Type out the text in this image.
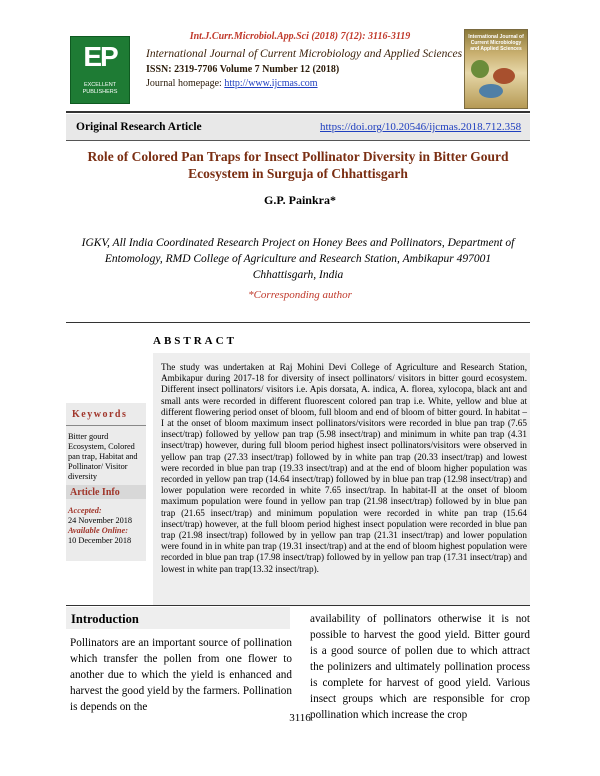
Int.J.Curr.Microbiol.App.Sci (2018) 7(12): 3116-3119
EP
EXCELLENT PUBLISHERS
International Journal of Current Microbiology and Applied Sciences
ISSN: 2319-7706 Volume 7 Number 12 (2018)
Journal homepage: http://www.ijcmas.com
International Journal of Current Microbiology and Applied Sciences
Original Research Article	https://doi.org/10.20546/ijcmas.2018.712.358
Role of Colored Pan Traps for Insect Pollinator Diversity in Bitter Gourd
Ecosystem in Surguja of Chhattisgarh
G.P. Painkra*
IGKV, All India Coordinated Research Project on Honey Bees and Pollinators, Department of
Entomology, RMD College of Agriculture and Research Station, Ambikapur 497001
Chhattisgarh, India
*Corresponding author
ABSTRACT
The study was undertaken at Raj Mohini Devi College of Agriculture and Research Station, Ambikapur during 2017-18 for diversity of insect pollinators/ visitors in bitter gourd ecosystem. Different insect pollinators/ visitors i.e. Apis dorsata, A. indica, A. florea, xylocopa, black ant and small ants were recorded in different fluorescent colored pan trap i.e. White, yellow and blue at different flowering period onset of bloom, full bloom and end of bloom of bitter gourd. In habitat –I at the onset of bloom maximum insect pollinators/visitors were recorded in blue pan trap (7.65 insect/trap) followed by yellow pan trap (5.98 insect/trap) and minimum in white pan trap (4.31 insect/trap) however, during full bloom period highest insect pollinators/visitors were observed in yellow pan trap (27.33 insect/trap) followed by in white pan trap (20.33 insect/trap) and lowest were recorded in blue pan trap (19.33 insect/trap) and at the end of bloom higher population was recorded in yellow pan trap (14.64 insect/trap) followed by in blue pan trap (12.98 insect/trap) and lower population were recorded in white 7.65 insect/trap. In habitat-II at the onset of bloom maximum population were found in yellow pan trap (21.98 insect/trap) followed by in blue pan trap (21.65 insect/trap) and minimum population were recorded in white pan trap (15.64 insect/trap) however, at the full bloom period highest insect population were recorded in blue pan trap (21.98 insect/trap) followed by in yellow pan trap (21.31 insect/trap) and lower population were found in in white pan trap (19.31 insect/trap) and at the end of bloom highest population were recorded in blue pan trap (17.98 insect/trap) followed by in yellow pan trap (17.31 insect/trap) and lowest in white pan trap(13.32 insect/trap).
Keywords
Bitter gourd Ecosystem, Colored pan trap, Habitat and Pollinator/ Visitor diversity
Article Info
Accepted:
24 November 2018
Available Online:
10 December 2018
Introduction
Pollinators are an important source of pollination which transfer the pollen from one flower to another due to which the yield is enhanced and harvest the good yield by the farmers. Pollination is depends on the
availability of pollinators otherwise it is not possible to harvest the good yield. Bitter gourd is a good source of pollen due to which attract the polinizers and ultimately pollination process is complete for harvest of good yield. Various insect groups which are responsible for crop pollination which increase the crop
3116
